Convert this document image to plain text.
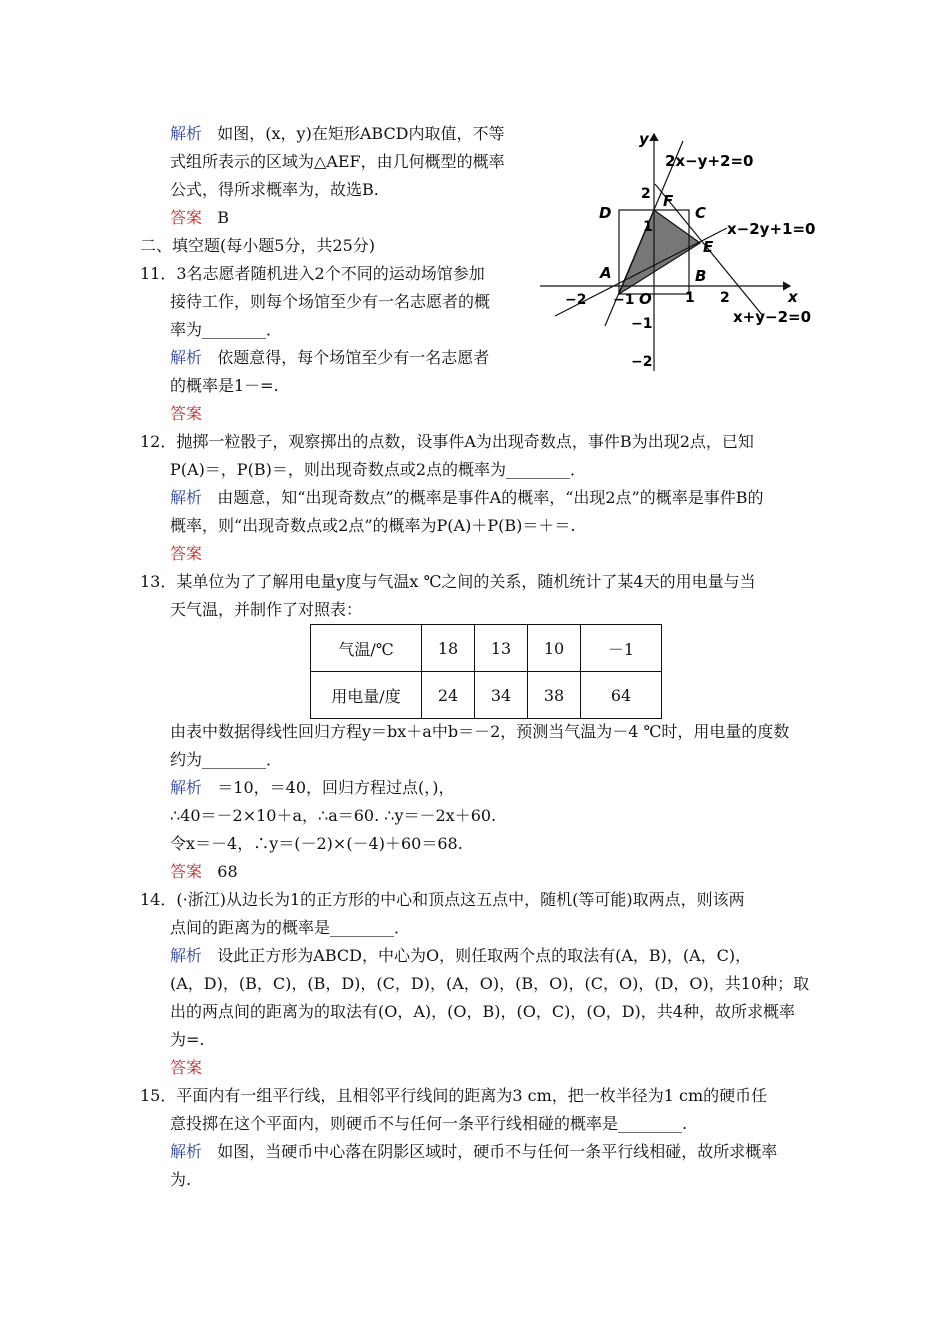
解析 如图，(x，y)在矩形ABCD内取值，不等
式组所表示的区域为△AEF，由几何概型的概率
公式，得所求概率为，故选B.
答案 B
二、填空题(每小题5分，共25分)
11．3名志愿者随机进入2个不同的运动场馆参加
接待工作，则每个场馆至少有一名志愿者的概
率为________．
解析 依题意得，每个场馆至少有一名志愿者
的概率是1－=.
答案
12．抛掷一粒骰子，观察掷出的点数，设事件A为出现奇数点，事件B为出现2点，已知
P(A)＝，P(B)＝，则出现奇数点或2点的概率为________．
解析 由题意，知“出现奇数点”的概率是事件A的概率，“出现2点”的概率是事件B的
概率，则“出现奇数点或2点”的概率为P(A)＋P(B)＝＋＝.
答案
13．某单位为了了解用电量y度与气温x ℃之间的关系，随机统计了某4天的用电量与当
天气温，并制作了对照表：
气温/℃	18	13	10	－1
用电量/度	24	34	38	64
由表中数据得线性回归方程y＝bx＋a中b＝－2，预测当气温为－4 ℃时，用电量的度数
约为________．
解析 ＝10，＝40，回归方程过点(，)，
∴40＝－2×10＋a，∴a＝60. ∴y＝－2x＋60.
令x＝－4，∴y＝(－2)×(－4)＋60＝68.
答案 68
14．(·浙江)从边长为1的正方形的中心和顶点这五点中，随机(等可能)取两点，则该两
点间的距离为的概率是________．
解析 设此正方形为ABCD，中心为O，则任取两个点的取法有(A，B)，(A，C)，
(A，D)，(B，C)，(B，D)，(C，D)，(A，O)，(B，O)，(C，O)，(D，O)，共10种；取
出的两点间的距离为的取法有(O，A)，(O，B)，(O，C)，(O，D)，共4种，故所求概率
为=.
答案
15．平面内有一组平行线，且相邻平行线间的距离为3 cm，把一枚半径为1 cm的硬币任
意投掷在这个平面内，则硬币不与任何一条平行线相碰的概率是________.
解析 如图，当硬币中心落在阴影区域时，硬币不与任何一条平行线相碰，故所求概率
为.
x
y
O
2x−y+2=0
x−2y+1=0
x+y−2=0
A	B
C
D
E
F
−2 −1	1 2
2
1
−1
−2
